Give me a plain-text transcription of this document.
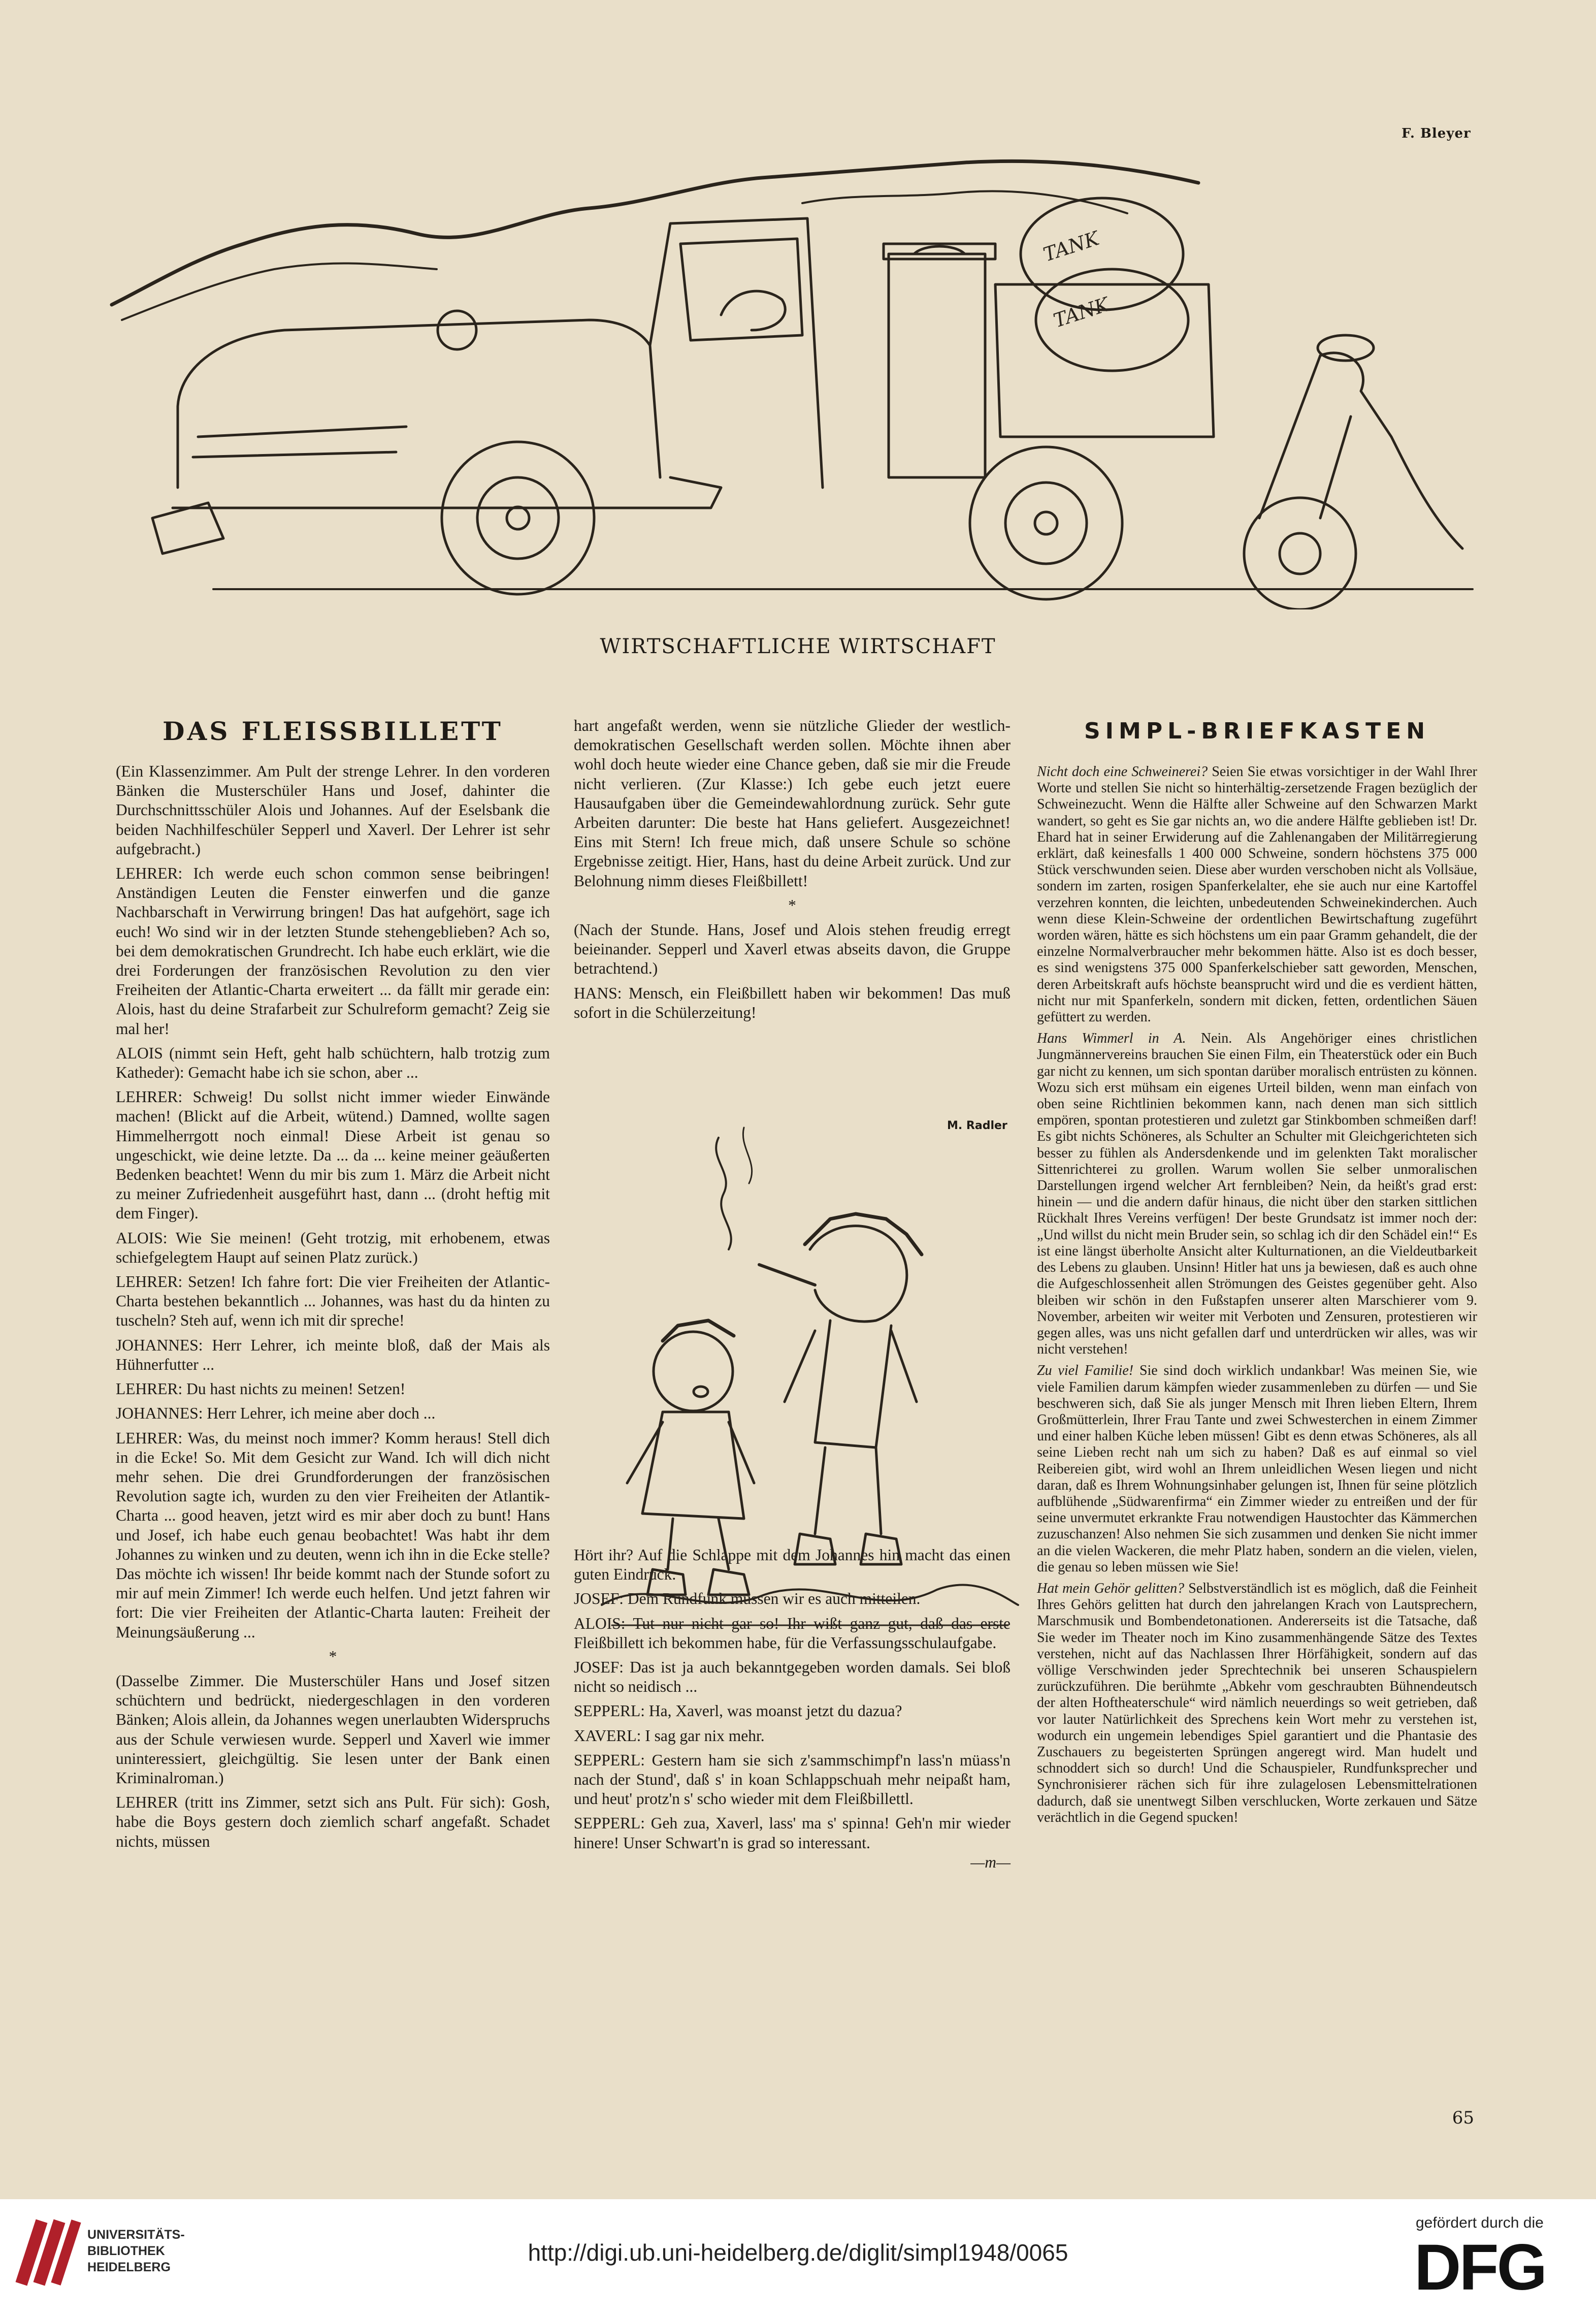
F. Bleyer
TANK
TANK
WIRTSCHAFTLICHE WIRTSCHAFT
DAS FLEISSBILLETT

(Ein Klassenzimmer. Am Pult der strenge Lehrer. In den vorderen Bänken die Musterschüler Hans und Josef, dahinter die Durchschnittsschüler Alois und Johannes. Auf der Eselsbank die beiden Nachhilfeschüler Sepperl und Xaverl. Der Lehrer ist sehr aufgebracht.)

LEHRER: Ich werde euch schon common sense beibringen! Anständigen Leuten die Fenster einwerfen und die ganze Nachbarschaft in Verwirrung bringen! Das hat aufgehört, sage ich euch! Wo sind wir in der letzten Stunde stehengeblieben? Ach so, bei dem demokratischen Grundrecht. Ich habe euch erklärt, wie die drei Forderungen der französischen Revolution zu den vier Freiheiten der Atlantic-Charta erweitert ... da fällt mir gerade ein: Alois, hast du deine Strafarbeit zur Schulreform gemacht? Zeig sie mal her!

ALOIS (nimmt sein Heft, geht halb schüchtern, halb trotzig zum Katheder): Gemacht habe ich sie schon, aber ...

LEHRER: Schweig! Du sollst nicht immer wieder Einwände machen! (Blickt auf die Arbeit, wütend.) Damned, wollte sagen Himmelherrgott noch einmal! Diese Arbeit ist genau so ungeschickt, wie deine letzte. Da ... da ... keine meiner geäußerten Bedenken beachtet! Wenn du mir bis zum 1. März die Arbeit nicht zu meiner Zufriedenheit ausgeführt hast, dann ... (droht heftig mit dem Finger).

ALOIS: Wie Sie meinen! (Geht trotzig, mit erhobenem, etwas schiefgelegtem Haupt auf seinen Platz zurück.)

LEHRER: Setzen! Ich fahre fort: Die vier Freiheiten der Atlantic-Charta bestehen bekanntlich ... Johannes, was hast du da hinten zu tuscheln? Steh auf, wenn ich mit dir spreche!

JOHANNES: Herr Lehrer, ich meinte bloß, daß der Mais als Hühnerfutter ...

LEHRER: Du hast nichts zu meinen! Setzen!

JOHANNES: Herr Lehrer, ich meine aber doch ...

LEHRER: Was, du meinst noch immer? Komm heraus! Stell dich in die Ecke! So. Mit dem Gesicht zur Wand. Ich will dich nicht mehr sehen. Die drei Grundforderungen der französischen Revolution sagte ich, wurden zu den vier Freiheiten der Atlantik-Charta ... good heaven, jetzt wird es mir aber doch zu bunt! Hans und Josef, ich habe euch genau beobachtet! Was habt ihr dem Johannes zu winken und zu deuten, wenn ich ihn in die Ecke stelle? Das möchte ich wissen! Ihr beide kommt nach der Stunde sofort zu mir auf mein Zimmer! Ich werde euch helfen. Und jetzt fahren wir fort: Die vier Freiheiten der Atlantic-Charta lauten: Freiheit der Meinungsäußerung ...

*

(Dasselbe Zimmer. Die Musterschüler Hans und Josef sitzen schüchtern und bedrückt, niedergeschlagen in den vorderen Bänken; Alois allein, da Johannes wegen unerlaubten Widerspruchs aus der Schule verwiesen wurde. Sepperl und Xaverl wie immer uninteressiert, gleichgültig. Sie lesen unter der Bank einen Kriminalroman.)

LEHRER (tritt ins Zimmer, setzt sich ans Pult. Für sich): Gosh, habe die Boys gestern doch ziemlich scharf angefaßt. Schadet nichts, müssen

hart angefaßt werden, wenn sie nützliche Glieder der westlich-demokratischen Gesellschaft werden sollen. Möchte ihnen aber wohl doch heute wieder eine Chance geben, daß sie mir die Freude nicht verlieren. (Zur Klasse:) Ich gebe euch jetzt euere Hausaufgaben über die Gemeindewahlordnung zurück. Sehr gute Arbeiten darunter: Die beste hat Hans geliefert. Ausgezeichnet! Eins mit Stern! Ich freue mich, daß unsere Schule so schöne Ergebnisse zeitigt. Hier, Hans, hast du deine Arbeit zurück. Und zur Belohnung nimm dieses Fleißbillett!

*

(Nach der Stunde. Hans, Josef und Alois stehen freudig erregt beieinander. Sepperl und Xaverl etwas abseits davon, die Gruppe betrachtend.)

HANS: Mensch, ein Fleißbillett haben wir bekommen! Das muß sofort in die Schülerzeitung!

Hört ihr? Auf die Schlappe mit dem Johannes hin macht das einen guten Eindruck.

JOSEF: Dem Rundfunk müssen wir es auch mitteilen.

ALOIS: Tut nur nicht gar so! Ihr wißt ganz gut, daß das erste Fleißbillett ich bekommen habe, für die Verfassungsschulaufgabe.

JOSEF: Das ist ja auch bekanntgegeben worden damals. Sei bloß nicht so neidisch ...

SEPPERL: Ha, Xaverl, was moanst jetzt du dazua?

XAVERL: I sag gar nix mehr.

SEPPERL: Gestern ham sie sich z'sammschimpf'n lass'n müass'n nach der Stund', daß s' in koan Schlappschuah mehr neipaßt ham, und heut' protz'n s' scho wieder mit dem Fleißbillettl.

SEPPERL: Geh zua, Xaverl, lass' ma s' spinna! Geh'n mir wieder hinere! Unser Schwart'n is grad so interessant.

—m—

M. Radler
SIMPL-BRIEFKASTEN

Nicht doch eine Schweinerei? Seien Sie etwas vorsichtiger in der Wahl Ihrer Worte und stellen Sie nicht so hinterhältig-zersetzende Fragen bezüglich der Schweinezucht. Wenn die Hälfte aller Schweine auf den Schwarzen Markt wandert, so geht es Sie gar nichts an, wo die andere Hälfte geblieben ist! Dr. Ehard hat in seiner Erwiderung auf die Zahlenangaben der Militärregierung erklärt, daß keinesfalls 1 400 000 Schweine, sondern höchstens 375 000 Stück verschwunden seien. Diese aber wurden verschoben nicht als Vollsäue, sondern im zarten, rosigen Spanferkelalter, ehe sie auch nur eine Kartoffel verzehren konnten, die leichten, unbedeutenden Schweinekinderchen. Auch wenn diese Klein-Schweine der ordentlichen Bewirtschaftung zugeführt worden wären, hätte es sich höchstens um ein paar Gramm gehandelt, die der einzelne Normalverbraucher mehr bekommen hätte. Also ist es doch besser, es sind wenigstens 375 000 Spanferkelschieber satt geworden, Menschen, deren Arbeitskraft aufs höchste beansprucht wird und die es verdient hätten, nicht nur mit Spanferkeln, sondern mit dicken, fetten, ordentlichen Säuen gefüttert zu werden.

Hans Wimmerl in A. Nein. Als Angehöriger eines christlichen Jungmännervereins brauchen Sie einen Film, ein Theaterstück oder ein Buch gar nicht zu kennen, um sich spontan darüber moralisch entrüsten zu können. Wozu sich erst mühsam ein eigenes Urteil bilden, wenn man einfach von oben seine Richtlinien bekommen kann, nach denen man sich sittlich empören, spontan protestieren und zuletzt gar Stinkbomben schmeißen darf! Es gibt nichts Schöneres, als Schulter an Schulter mit Gleichgerichteten sich besser zu fühlen als Andersdenkende und im gelenkten Takt moralischer Sittenrichterei zu grollen. Warum wollen Sie selber unmoralischen Darstellungen irgend welcher Art fernbleiben? Nein, da heißt's grad erst: hinein — und die andern dafür hinaus, die nicht über den starken sittlichen Rückhalt Ihres Vereins verfügen! Der beste Grundsatz ist immer noch der: „Und willst du nicht mein Bruder sein, so schlag ich dir den Schädel ein!“ Es ist eine längst überholte Ansicht alter Kulturnationen, an die Vieldeutbarkeit des Lebens zu glauben. Unsinn! Hitler hat uns ja bewiesen, daß es auch ohne die Aufgeschlossenheit allen Strömungen des Geistes gegenüber geht. Also bleiben wir schön in den Fußstapfen unserer alten Marschierer vom 9. November, arbeiten wir weiter mit Verboten und Zensuren, protestieren wir gegen alles, was uns nicht gefallen darf und unterdrücken wir alles, was wir nicht verstehen!

Zu viel Familie! Sie sind doch wirklich undankbar! Was meinen Sie, wie viele Familien darum kämpfen wieder zusammenleben zu dürfen — und Sie beschweren sich, daß Sie als junger Mensch mit Ihren lieben Eltern, Ihrem Großmütterlein, Ihrer Frau Tante und zwei Schwesterchen in einem Zimmer und einer halben Küche leben müssen! Gibt es denn etwas Schöneres, als all seine Lieben recht nah um sich zu haben? Daß es auf einmal so viel Reibereien gibt, wird wohl an Ihrem unleidlichen Wesen liegen und nicht daran, daß es Ihrem Wohnungsinhaber gelungen ist, Ihnen für seine plötzlich aufblühende „Südwarenfirma“ ein Zimmer wieder zu entreißen und der für seine unvermutet erkrankte Frau notwendigen Haustochter das Kämmerchen zuzuschanzen! Also nehmen Sie sich zusammen und denken Sie nicht immer an die vielen Wackeren, die mehr Platz haben, sondern an die vielen, vielen, die genau so leben müssen wie Sie!

Hat mein Gehör gelitten? Selbstverständlich ist es möglich, daß die Feinheit Ihres Gehörs gelitten hat durch den jahrelangen Krach von Lautsprechern, Marschmusik und Bombendetonationen. Andererseits ist die Tatsache, daß Sie weder im Theater noch im Kino zusammenhängende Sätze des Textes verstehen, nicht auf das Nachlassen Ihrer Hörfähigkeit, sondern auf das völlige Verschwinden jeder Sprechtechnik bei unseren Schauspielern zurückzuführen. Die berühmte „Abkehr vom geschraubten Bühnendeutsch der alten Hoftheaterschule“ wird nämlich neuerdings so weit getrieben, daß vor lauter Natürlichkeit des Sprechens kein Wort mehr zu verstehen ist, wodurch ein ungemein lebendiges Spiel garantiert und die Phantasie des Zuschauers zu begeisterten Sprüngen angeregt wird. Man hudelt und schnoddert sich so durch! Und die Schauspieler, Rundfunksprecher und Synchronisierer rächen sich für ihre zulagelosen Lebensmittelrationen dadurch, daß sie unentwegt Silben verschlucken, Worte zerkauen und Sätze verächtlich in die Gegend spucken!

65
UNIVERSITÄTS-
BIBLIOTHEK
HEIDELBERG
http://digi.ub.uni-heidelberg.de/diglit/simpl1948/0065
gefördert durch die
DFG
